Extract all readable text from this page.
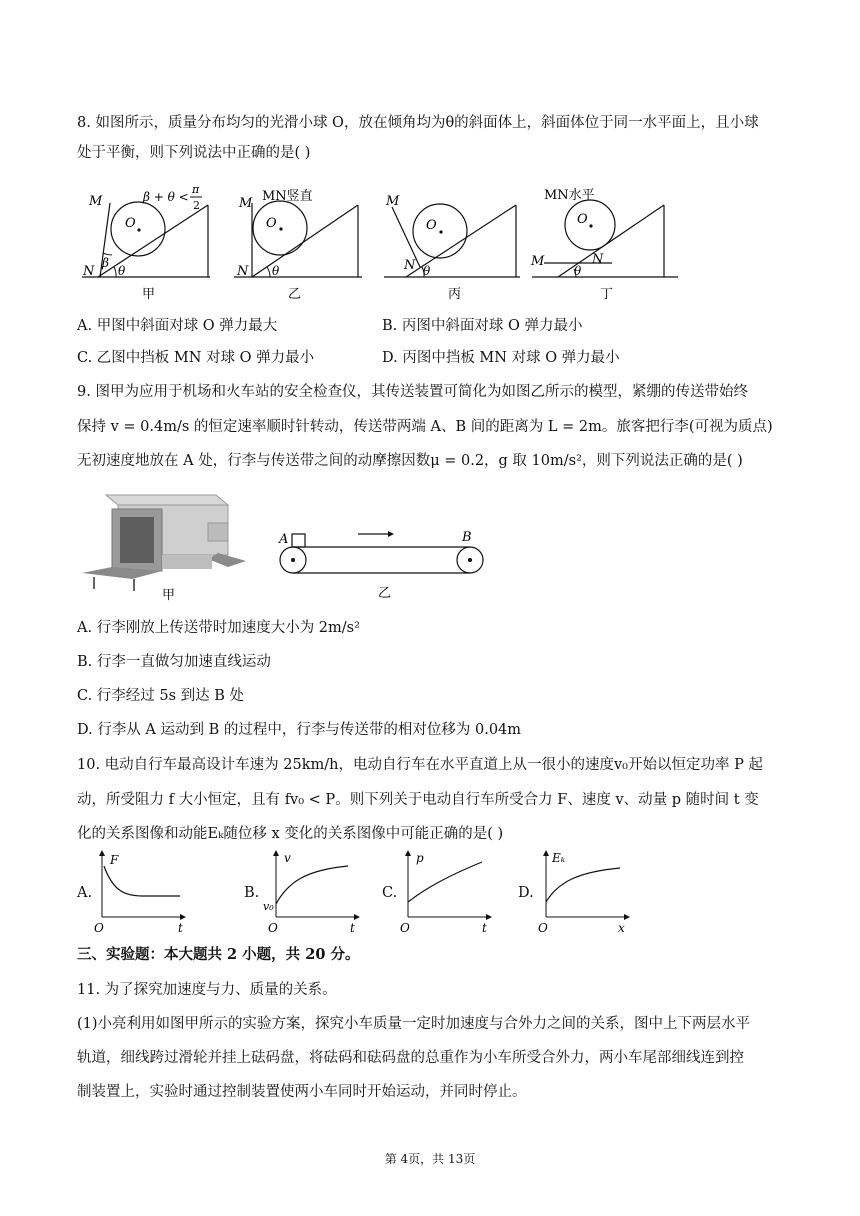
8. 如图所示，质量分布均匀的光滑小球 O，放在倾角均为θ的斜面体上，斜面体位于同一水平面上，且小球
处于平衡，则下列说法中正确的是( )
O
M
N
β
θ
β + θ <
π
2
甲
O
M
N θ
MN竖直
乙
O
M
N θ
丙
O
M	N
θ
MN水平
丁
A. 甲图中斜面对球 O 弹力最大	B. 丙图中斜面对球 O 弹力最小
C. 乙图中挡板 MN 对球 O 弹力最小	D. 丙图中挡板 MN 对球 O 弹力最小
9. 图甲为应用于机场和火车站的安全检查仪，其传送装置可简化为如图乙所示的模型，紧绷的传送带始终
保持 v = 0.4m/s 的恒定速率顺时针转动，传送带两端 A、B 间的距离为 L = 2m。旅客把行李(可视为质点)
无初速度地放在 A 处，行李与传送带之间的动摩擦因数μ = 0.2，g 取 10m/s²，则下列说法正确的是( )
甲
A	B
乙
A. 行李刚放上传送带时加速度大小为 2m/s²
B. 行李一直做匀加速直线运动
C. 行李经过 5s 到达 B 处
D. 行李从 A 运动到 B 的过程中，行李与传送带的相对位移为 0.04m
10. 电动自行车最高设计车速为 25km/h，电动自行车在水平直道上从一很小的速度v₀开始以恒定功率 P 起
动，所受阻力 f 大小恒定，且有 fv₀ < P。则下列关于电动自行车所受合力 F、速度 v、动量 p 随时间 t 变
化的关系图像和动能Eₖ随位移 x 变化的关系图像中可能正确的是( )
A.
F
t
O
B.
v
t
O
v₀
C.
p
t
O
D.
Eₖ
x
O
三、实验题：本大题共 2 小题，共 20 分。
11. 为了探究加速度与力、质量的关系。
(1)小亮利用如图甲所示的实验方案，探究小车质量一定时加速度与合外力之间的关系，图中上下两层水平
轨道，细线跨过滑轮并挂上砝码盘，将砝码和砝码盘的总重作为小车所受合外力，两小车尾部细线连到控
制装置上，实验时通过控制装置使两小车同时开始运动，并同时停止。
第 4页，共 13页
